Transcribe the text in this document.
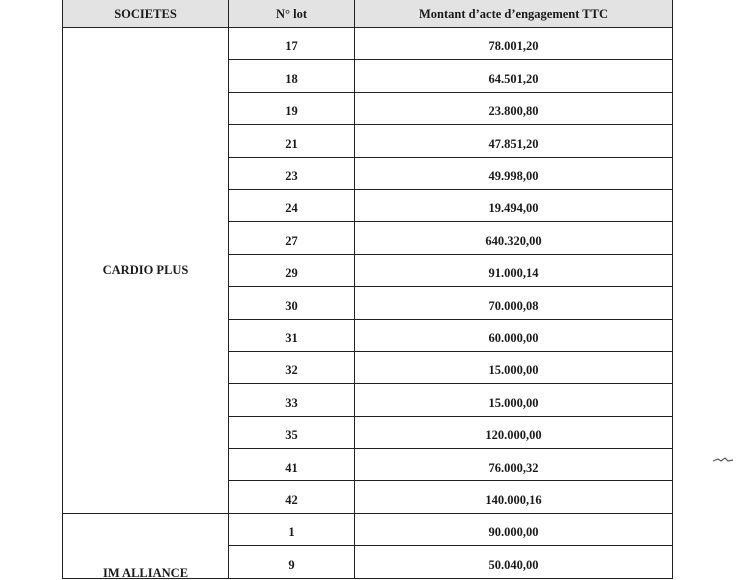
SOCIETES	N° lot	Montant d’acte d’engagement TTC
CARDIO PLUS	17	78.001,20
	18	64.501,20
	19	23.800,80
	21	47.851,20
	23	49.998,00
	24	19.494,00
	27	640.320,00
	29	91.000,14
	30	70.000,08
	31	60.000,00
	32	15.000,00
	33	15.000,00
	35	120.000,00
	41	76.000,32
	42	140.000,16
IM ALLIANCE	1	90.000,00
	9	50.040,00
